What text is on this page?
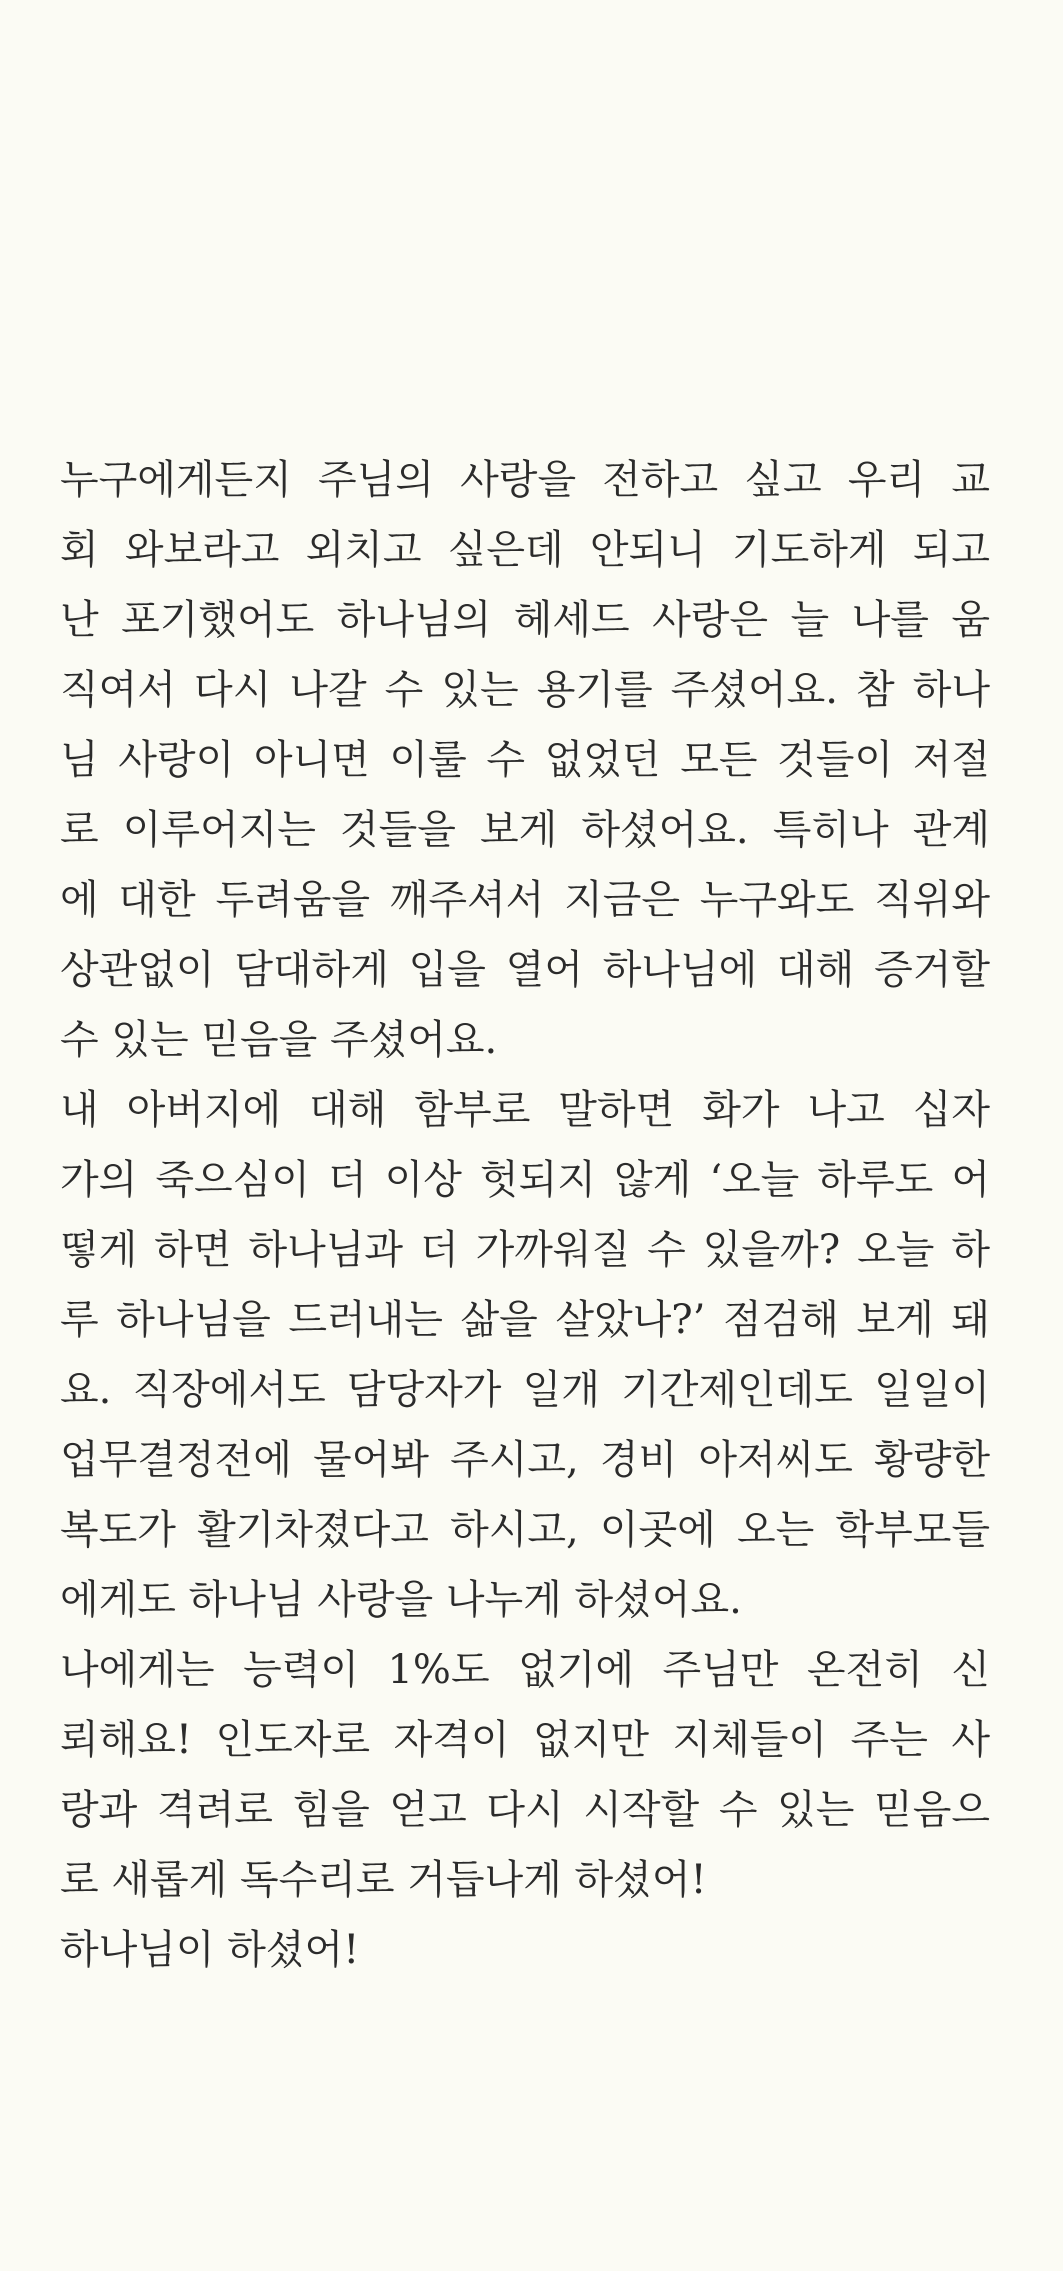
누구에게든지 주님의 사랑을 전하고 싶고 우리 교
회 와보라고 외치고 싶은데 안되니 기도하게 되고
난 포기했어도 하나님의 헤세드 사랑은 늘 나를 움
직여서 다시 나갈 수 있는 용기를 주셨어요. 참 하나
님 사랑이 아니면 이룰 수 없었던 모든 것들이 저절
로 이루어지는 것들을 보게 하셨어요. 특히나 관계
에 대한 두려움을 깨주셔서 지금은 누구와도 직위와
상관없이 담대하게 입을 열어 하나님에 대해 증거할
수 있는 믿음을 주셨어요.

내 아버지에 대해 함부로 말하면 화가 나고 십자
가의 죽으심이 더 이상 헛되지 않게 ‘오늘 하루도 어
떻게 하면 하나님과 더 가까워질 수 있을까? 오늘 하
루 하나님을 드러내는 삶을 살았나?’ 점검해 보게 돼
요. 직장에서도 담당자가 일개 기간제인데도 일일이
업무결정전에 물어봐 주시고, 경비 아저씨도 황량한
복도가 활기차졌다고 하시고, 이곳에 오는 학부모들
에게도 하나님 사랑을 나누게 하셨어요.

나에게는 능력이 1%도 없기에 주님만 온전히 신
뢰해요! 인도자로 자격이 없지만 지체들이 주는 사
랑과 격려로 힘을 얻고 다시 시작할 수 있는 믿음으
로 새롭게 독수리로 거듭나게 하셨어!

하나님이 하셨어!
